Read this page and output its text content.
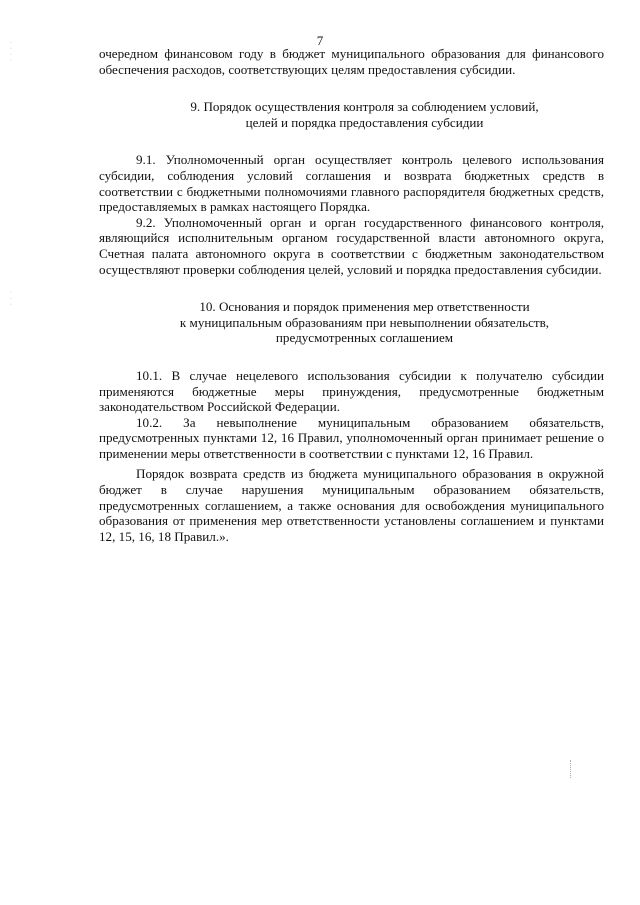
·
·
·
·
·
·
·
7

очередном финансовом году в бюджет муниципального образования для финансового обеспечения расходов, соответствующих целям предоставления субсидии.

9. Порядок осуществления контроля за соблюдением условий,
целей и порядка предоставления субсидии

9.1. Уполномоченный орган осуществляет контроль целевого использования субсидии, соблюдения условий соглашения и возврата бюджетных средств в соответствии с бюджетными полномочиями главного распорядителя бюджетных средств, предоставляемых в рамках настоящего Порядка.

9.2. Уполномоченный орган и орган государственного финансового контроля, являющийся исполнительным органом государственной власти автономного округа, Счетная палата автономного округа в соответствии с бюджетным законодательством осуществляют проверки соблюдения целей, условий и порядка предоставления субсидии.

10. Основания и порядок применения мер ответственности
к муниципальным образованиям при невыполнении обязательств,
предусмотренных соглашением

10.1. В случае нецелевого использования субсидии к получателю субсидии применяются бюджетные меры принуждения, предусмотренные бюджетным законодательством Российской Федерации.

10.2. За невыполнение муниципальным образованием обязательств, предусмотренных пунктами 12, 16 Правил, уполномоченный орган принимает решение о применении меры ответственности в соответствии с пунктами 12, 16 Правил.

Порядок возврата средств из бюджета муниципального образования в окружной бюджет в случае нарушения муниципальным образованием обязательств, предусмотренных соглашением, а также основания для освобождения муниципального образования от применения мер ответственности установлены соглашением и пунктами 12, 15, 16, 18 Правил.».
